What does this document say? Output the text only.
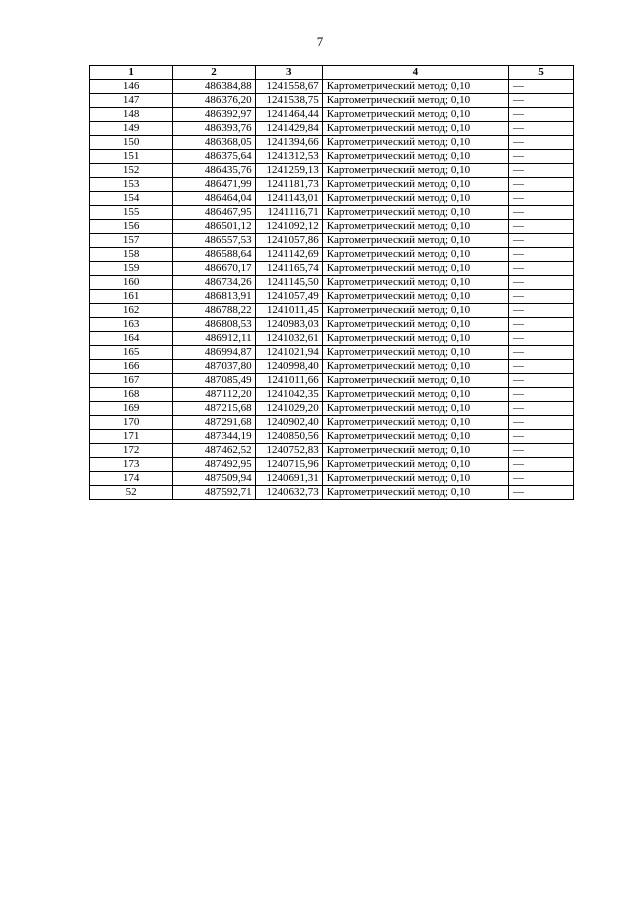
7
1	2	3	4	5
146	486384,88	1241558,67	Картометрический метод; 0,10	—
147	486376,20	1241538,75	Картометрический метод; 0,10	—
148	486392,97	1241464,44	Картометрический метод; 0,10	—
149	486393,76	1241429,84	Картометрический метод; 0,10	—
150	486368,05	1241394,66	Картометрический метод; 0,10	—
151	486375,64	1241312,53	Картометрический метод; 0,10	—
152	486435,76	1241259,13	Картометрический метод; 0,10	—
153	486471,99	1241181,73	Картометрический метод; 0,10	—
154	486464,04	1241143,01	Картометрический метод; 0,10	—
155	486467,95	1241116,71	Картометрический метод; 0,10	—
156	486501,12	1241092,12	Картометрический метод; 0,10	—
157	486557,53	1241057,86	Картометрический метод; 0,10	—
158	486588,64	1241142,69	Картометрический метод; 0,10	—
159	486670,17	1241165,74	Картометрический метод; 0,10	—
160	486734,26	1241145,50	Картометрический метод; 0,10	—
161	486813,91	1241057,49	Картометрический метод; 0,10	—
162	486788,22	1241011,45	Картометрический метод; 0,10	—
163	486808,53	1240983,03	Картометрический метод; 0,10	—
164	486912,11	1241032,61	Картометрический метод; 0,10	—
165	486994,87	1241021,94	Картометрический метод; 0,10	—
166	487037,80	1240998,40	Картометрический метод; 0,10	—
167	487085,49	1241011,66	Картометрический метод; 0,10	—
168	487112,20	1241042,35	Картометрический метод; 0,10	—
169	487215,68	1241029,20	Картометрический метод; 0,10	—
170	487291,68	1240902,40	Картометрический метод; 0,10	—
171	487344,19	1240850,56	Картометрический метод; 0,10	—
172	487462,52	1240752,83	Картометрический метод; 0,10	—
173	487492,95	1240715,96	Картометрический метод; 0,10	—
174	487509,94	1240691,31	Картометрический метод; 0,10	—
52	487592,71	1240632,73	Картометрический метод; 0,10	—
